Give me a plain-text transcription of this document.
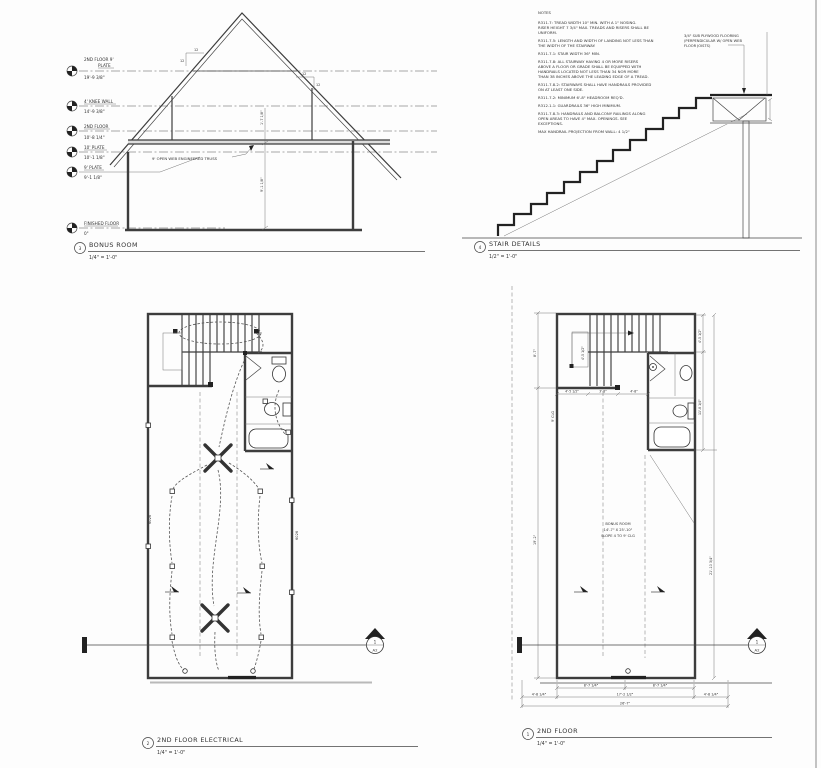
2ND FLOOR 9'
PLATE
19'-9 3/8"
4' KNEE WALL
14'-9 3/8"
2ND FLOOR
10'-8 1/4"
10' PLATE
10'-1 1/8"
9' PLATE
9'-1 1/8"
FINISHED FLOOR
0"
12
12
12
12
1'-7 1/8"
9'-1 1/8"
9' OPEN WEB ENGINEERED TRUSS
3 BONUS ROOM
1/4" = 1'-0"
NOTES
R311.7: TREAD WIDTH 10" MIN. WITH A 1" NOSING.
RISER HEIGHT 7 3/4" MAX. TREADS AND RISERS SHALL BE
UNIFORM.
R311.7.5: LENGTH AND WIDTH OF LANDING NOT LESS THAN
THE WIDTH OF THE STAIRWAY.
R311.7.1: STAIR WIDTH 36" MIN.
R311.7.8: ALL STAIRWAY HAVING 4 OR MORE RISERS
ABOVE A FLOOR OR GRADE SHALL BE EQUIPPED WITH
HANDRAILS LOCATED NOT LESS THAN 34 NOR MORE
THAN 38 INCHES ABOVE THE LEADING EDGE OF A TREAD.
R311.7.8.2: STAIRWAYS SHALL HAVE HANDRAILS PROVIDED
ON AT LEAST ONE SIDE.
R311.7.2: MINIMUM 6'-8" HEADROOM REQ'D.
R312.1.1: GUARDRAILS 36" HIGH MINIMUM.
R311.7.8.3: HANDRAILS AND BALCONY RAILINGS ALONG
OPEN AREAS TO HAVE 4" MAX. OPENINGS. SEE
EXCEPTIONS.
MAX HANDRAIL PROJECTION FROM WALL: 4 1/2"
3/4" SUB PLYWOOD FLOORING
(PERPENDICULAR W/ OPEN WEB
FLOOR JOISTS)
4 STAIR DETAILS
1/2" = 1'-0"
6026
6026
1
A2
2 2ND FLOOR ELECTRICAL
1/4" = 1'-0"
4'-5 1/2"
BONUS ROOM
14'-7" X 25'-10"
SLOPE 4 TO 9' CLG
9' CLG
4'-5 1/2"	3'-8"	4'-8"
8'-7"
19'-2"
4'-5 1/2"
11'-8 1/4"
21'-10 3/4"
8'-7 1/4"	8'-7 1/4"
4'-8 1/4"	17'-2 1/2"	4'-8 1/4"
26'-7"
1
A2
1 2ND FLOOR
1/4" = 1'-0"
